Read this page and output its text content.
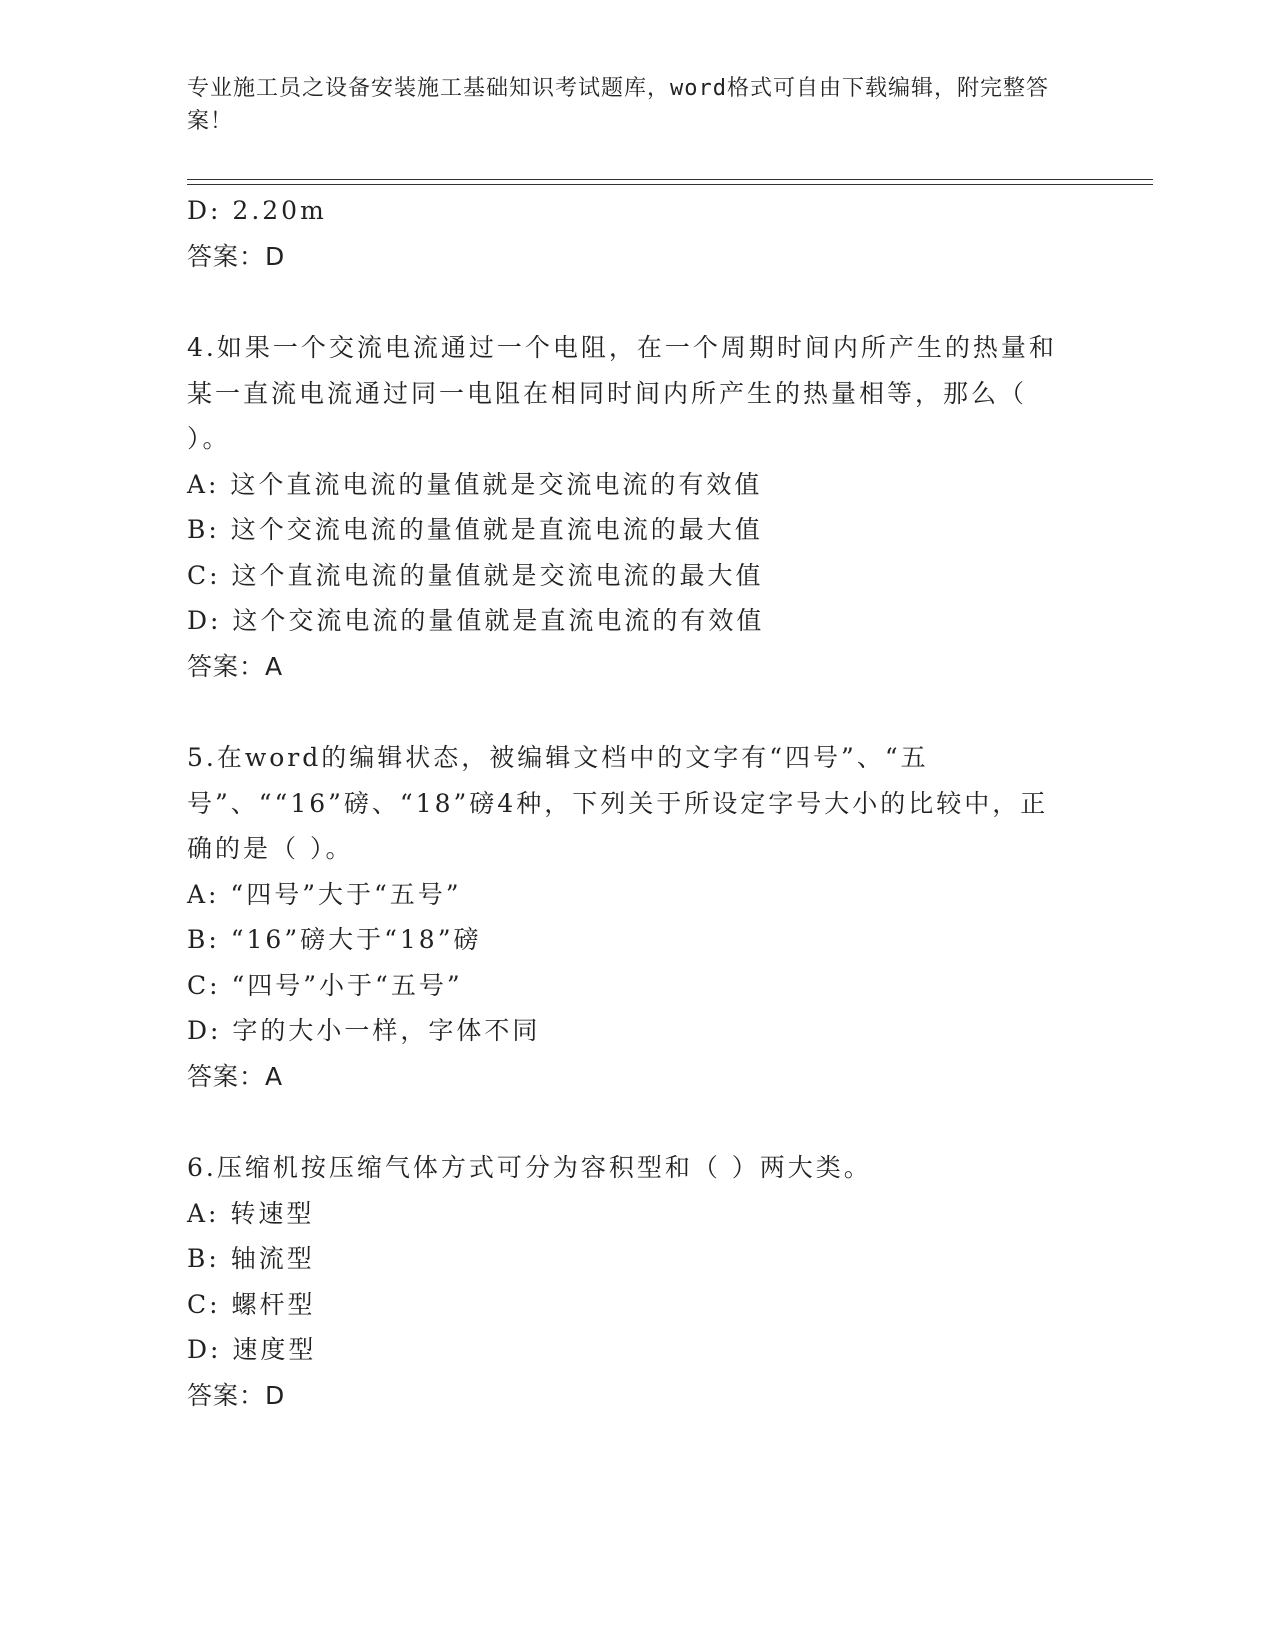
专业施工员之设备安装施工基础知识考试题库，word格式可自由下载编辑，附完整答案！
D: 2.20m
答案：D
4.如果一个交流电流通过一个电阻，在一个周期时间内所产生的热量和某一直流电流通过同一电阻在相同时间内所产生的热量相等，那么（ ）。
A: 这个直流电流的量值就是交流电流的有效值
B: 这个交流电流的量值就是直流电流的最大值
C: 这个直流电流的量值就是交流电流的最大值
D: 这个交流电流的量值就是直流电流的有效值
答案：A
5.在word的编辑状态，被编辑文档中的文字有“四号”、“五号”、““16”磅、“18”磅4种，下列关于所设定字号大小的比较中，正确的是（ ）。
A: “四号”大于“五号”
B: “16”磅大于“18”磅
C: “四号”小于“五号”
D: 字的大小一样，字体不同
答案：A
6.压缩机按压缩气体方式可分为容积型和（ ）两大类。
A: 转速型
B: 轴流型
C: 螺杆型
D: 速度型
答案：D
